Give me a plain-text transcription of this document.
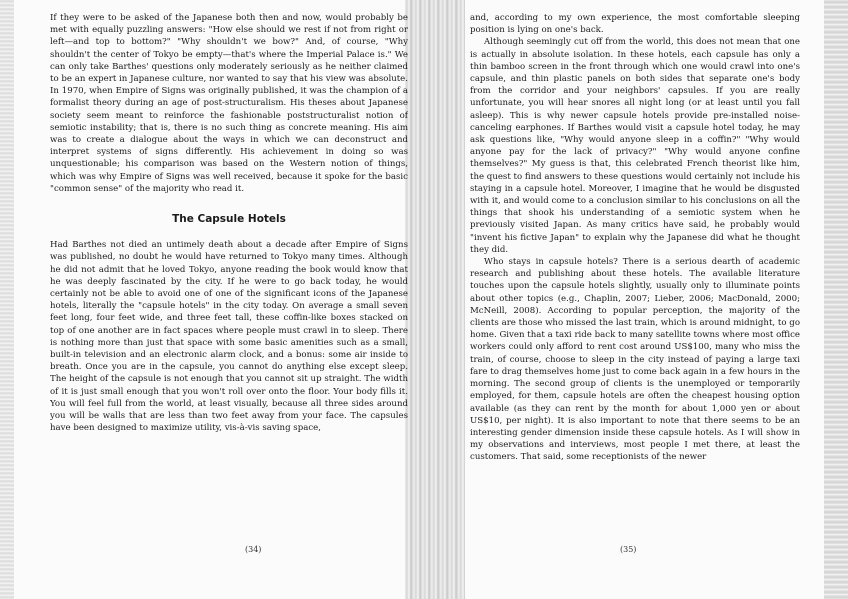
If they were to be asked of the Japanese both then and now, would probably be met with equally puzzling answers: "How else should we rest if not from right or left—and top to bottom?" "Why shouldn't we bow?" And, of course, "Why shouldn't the center of Tokyo be empty—that's where the Imperial Palace is." We can only take Barthes' questions only moderately seriously as he neither claimed to be an expert in Japanese culture, nor wanted to say that his view was absolute. In 1970, when Empire of Signs was originally published, it was the champion of a formalist theory during an age of post-structuralism. His theses about Japanese society seem meant to reinforce the fashionable poststructuralist notion of semiotic instability; that is, there is no such thing as concrete meaning. His aim was to create a dialogue about the ways in which we can deconstruct and interpret systems of signs differently. His achievement in doing so was unquestionable; his comparison was based on the Western notion of things, which was why Empire of Signs was well received, because it spoke for the basic "common sense" of the majority who read it.

The Capsule Hotels

Had Barthes not died an untimely death about a decade after Empire of Signs was published, no doubt he would have returned to Tokyo many times. Although he did not admit that he loved Tokyo, anyone reading the book would know that he was deeply fascinated by the city. If he were to go back today, he would certainly not be able to avoid one of one of the significant icons of the Japanese hotels, literally the "capsule hotels" in the city today. On average a small seven feet long, four feet wide, and three feet tall, these coffin-like boxes stacked on top of one another are in fact spaces where people must crawl in to sleep. There is nothing more than just that space with some basic amenities such as a small, built-in television and an electronic alarm clock, and a bonus: some air inside to breath. Once you are in the capsule, you cannot do anything else except sleep. The height of the capsule is not enough that you cannot sit up straight. The width of it is just small enough that you won't roll over onto the floor. Your body fills it. You will feel full from the world, at least visually, because all three sides around you will be walls that are less than two feet away from your face. The capsules have been designed to maximize utility, vis-à-vis saving space,

and, according to my own experience, the most comfortable sleeping position is lying on one's back.

Although seemingly cut off from the world, this does not mean that one is actually in absolute isolation. In these hotels, each capsule has only a thin bamboo screen in the front through which one would crawl into one's capsule, and thin plastic panels on both sides that separate one's body from the corridor and your neighbors' capsules. If you are really unfortunate, you will hear snores all night long (or at least until you fall asleep). This is why newer capsule hotels provide pre-installed noise-canceling earphones. If Barthes would visit a capsule hotel today, he may ask questions like, "Why would anyone sleep in a coffin?" "Why would anyone pay for the lack of privacy?" "Why would anyone confine themselves?" My guess is that, this celebrated French theorist like him, the quest to find answers to these questions would certainly not include his staying in a capsule hotel. Moreover, I imagine that he would be disgusted with it, and would come to a conclusion similar to his conclusions on all the things that shook his understanding of a semiotic system when he previously visited Japan. As many critics have said, he probably would "invent his fictive Japan" to explain why the Japanese did what he thought they did.

Who stays in capsule hotels? There is a serious dearth of academic research and publishing about these hotels. The available literature touches upon the capsule hotels slightly, usually only to illuminate points about other topics (e.g., Chaplin, 2007; Lieber, 2006; MacDonald, 2000; McNeill, 2008). According to popular perception, the majority of the clients are those who missed the last train, which is around midnight, to go home. Given that a taxi ride back to many satellite towns where most office workers could only afford to rent cost around US$100, many who miss the train, of course, choose to sleep in the city instead of paying a large taxi fare to drag themselves home just to come back again in a few hours in the morning. The second group of clients is the unemployed or temporarily employed, for them, capsule hotels are often the cheapest housing option available (as they can rent by the month for about 1,000 yen or about US$10, per night). It is also important to note that there seems to be an interesting gender dimension inside these capsule hotels. As I will show in my observations and interviews, most people I met there, at least the customers. That said, some receptionists of the newer

(34)	(35)
